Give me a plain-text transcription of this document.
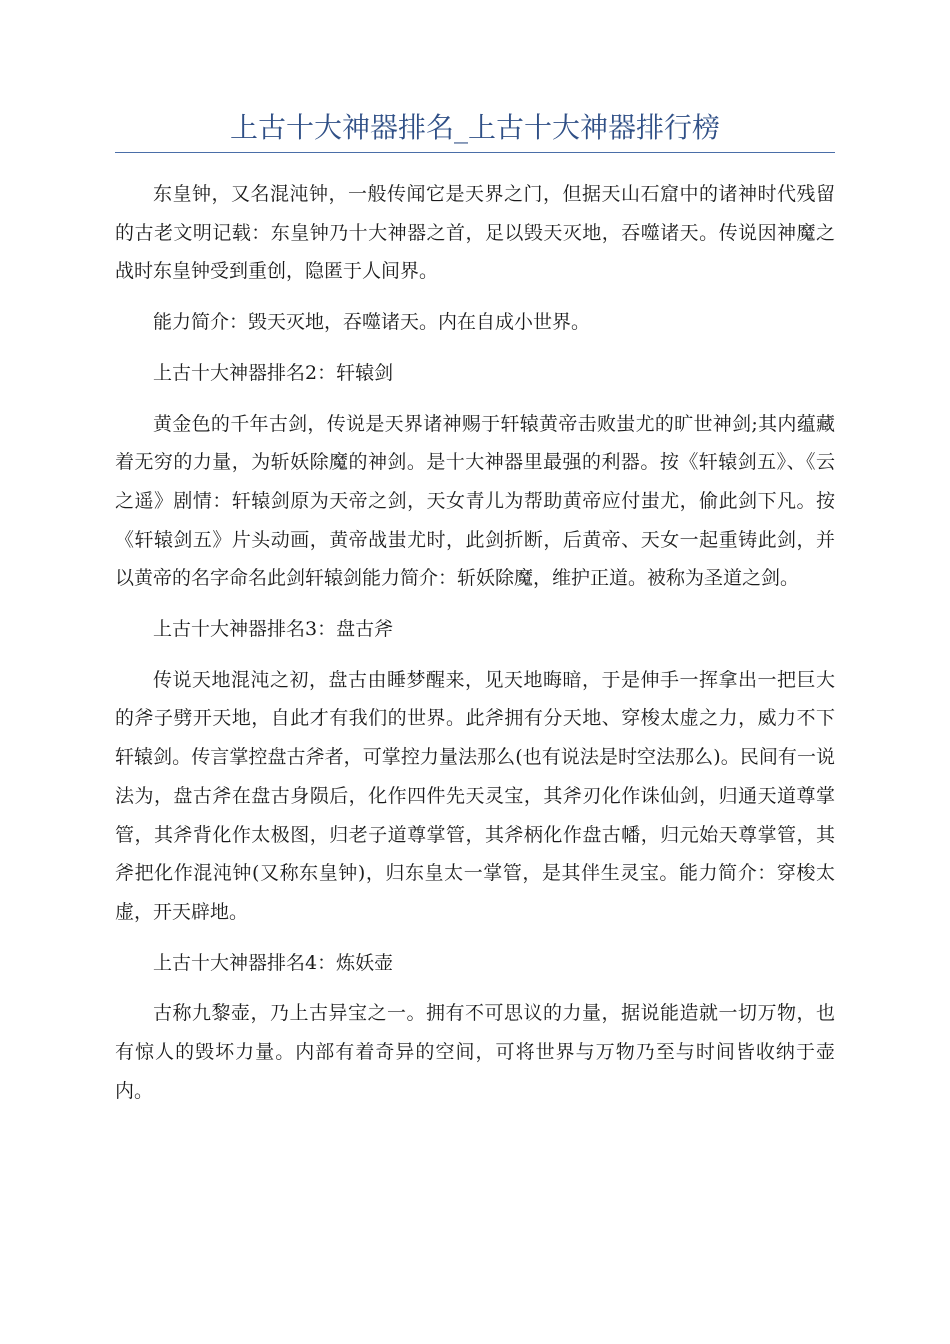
上古十大神器排名_上古十大神器排行榜

东皇钟，又名混沌钟，一般传闻它是天界之门，但据天山石窟中的诸神时代残留的古老文明记载：东皇钟乃十大神器之首，足以毁天灭地，吞噬诸天。传说因神魔之战时东皇钟受到重创，隐匿于人间界。

能力简介：毁天灭地，吞噬诸天。内在自成小世界。

上古十大神器排名2：轩辕剑

黄金色的千年古剑，传说是天界诸神赐于轩辕黄帝击败蚩尤的旷世神剑;其内蕴藏着无穷的力量，为斩妖除魔的神剑。是十大神器里最强的利器。按《轩辕剑五》、《云之遥》剧情：轩辕剑原为天帝之剑，天女青儿为帮助黄帝应付蚩尤，偷此剑下凡。按《轩辕剑五》片头动画，黄帝战蚩尤时，此剑折断，后黄帝、天女一起重铸此剑，并以黄帝的名字命名此剑轩辕剑能力简介：斩妖除魔，维护正道。被称为圣道之剑。

上古十大神器排名3：盘古斧

传说天地混沌之初，盘古由睡梦醒来，见天地晦暗，于是伸手一挥拿出一把巨大的斧子劈开天地，自此才有我们的世界。此斧拥有分天地、穿梭太虚之力，威力不下轩辕剑。传言掌控盘古斧者，可掌控力量法那么(也有说法是时空法那么)。民间有一说法为，盘古斧在盘古身陨后，化作四件先天灵宝，其斧刃化作诛仙剑，归通天道尊掌管，其斧背化作太极图，归老子道尊掌管，其斧柄化作盘古幡，归元始天尊掌管，其斧把化作混沌钟(又称东皇钟)，归东皇太一掌管，是其伴生灵宝。能力简介：穿梭太虚，开天辟地。

上古十大神器排名4：炼妖壶

古称九黎壶，乃上古异宝之一。拥有不可思议的力量，据说能造就一切万物，也有惊人的毁坏力量。内部有着奇异的空间，可将世界与万物乃至与时间皆收纳于壶内。
